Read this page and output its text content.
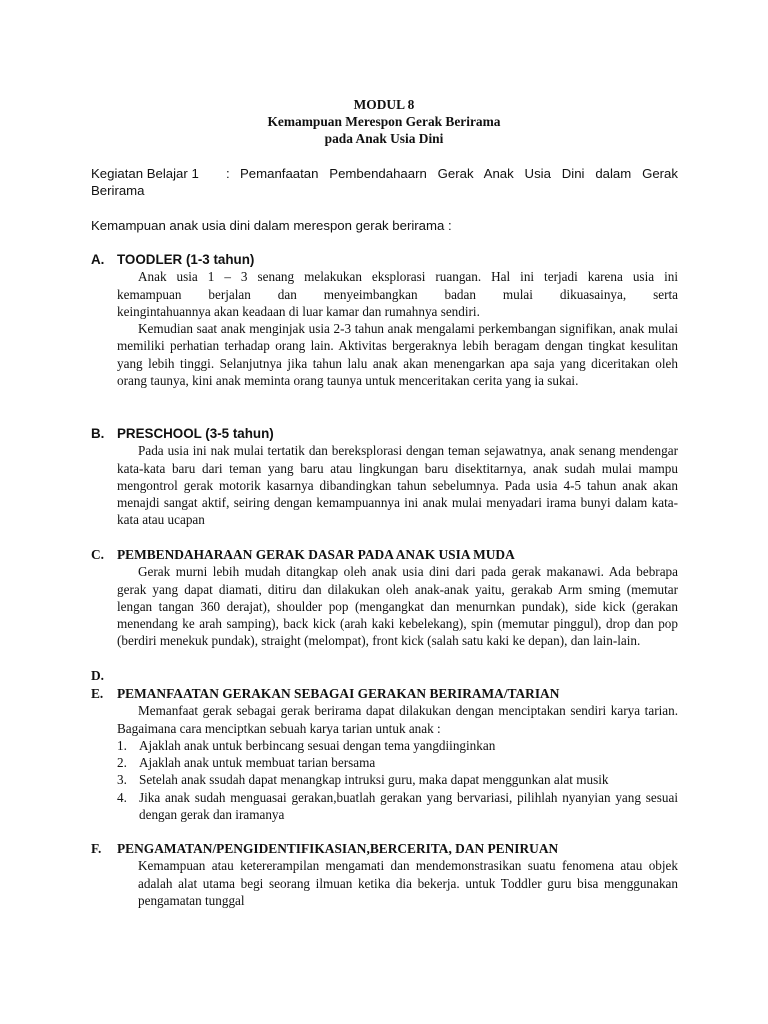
MODUL 8
Kemampuan Merespon Gerak Berirama
pada Anak Usia Dini
Kegiatan Belajar 1	: Pemanfaatan Pembendahaarn Gerak Anak Usia Dini dalam Gerak
Berirama
Kemampuan anak usia dini dalam merespon gerak berirama :
A. TOODLER (1-3 tahun)

Anak usia 1 – 3 senang melakukan eksplorasi ruangan. Hal ini terjadi karena usia ini

kemampuan berjalan dan menyeimbangkan badan mulai dikuasainya, serta

keingintahuannya akan keadaan di luar kamar dan rumahnya sendiri.

Kemudian saat anak menginjak usia 2-3 tahun anak mengalami perkembangan signifikan, anak mulai memiliki perhatian terhadap orang lain. Aktivitas bergeraknya lebih beragam dengan tingkat kesulitan yang lebih tinggi. Selanjutnya jika tahun lalu anak akan menengarkan apa saja yang diceritakan oleh orang taunya, kini anak meminta orang taunya untuk menceritakan cerita yang ia sukai.

B. PRESCHOOL (3-5 tahun)

Pada usia ini nak mulai tertatik dan bereksplorasi dengan teman sejawatnya, anak senang mendengar kata-kata baru dari teman yang baru atau lingkungan baru disektitarnya, anak sudah mulai mampu mengontrol gerak motorik kasarnya dibandingkan tahun sebelumnya. Pada usia 4-5 tahun anak akan menajdi sangat aktif, seiring dengan kemampuannya ini anak mulai menyadari irama bunyi dalam kata-kata atau ucapan

C. PEMBENDAHARAAN GERAK DASAR PADA ANAK USIA MUDA

Gerak murni lebih mudah ditangkap oleh anak usia dini dari pada gerak makanawi. Ada bebrapa gerak yang dapat diamati, ditiru dan dilakukan oleh anak-anak yaitu, gerakab Arm sming (memutar lengan tangan 360 derajat), shoulder pop (mengangkat dan menurnkan pundak), side kick (gerakan menendang ke arah samping), back kick (arah kaki kebelekang), spin (memutar pinggul), drop dan pop (berdiri menekuk pundak), straight (melompat), front kick (salah satu kaki ke depan), dan lain-lain.

D.
E.	PEMANFAATAN GERAKAN SEBAGAI GERAKAN BERIRAMA/TARIAN

Memanfaat gerak sebagai gerak berirama dapat dilakukan dengan menciptakan sendiri karya tarian. Bagaimana cara menciptkan sebuah karya tarian untuk anak :

1. Ajaklah anak untuk berbincang sesuai dengan tema yangdiinginkan
2. Ajaklah anak untuk membuat tarian bersama
3. Setelah anak ssudah dapat menangkap intruksi guru, maka dapat menggunkan alat musik
4. Jika anak sudah menguasai gerakan,buatlah gerakan yang bervariasi, pilihlah nyanyian yang sesuai dengan gerak dan iramanya
F.	PENGAMATAN/PENGIDENTIFIKASIAN,BERCERITA, DAN PENIRUAN

Kemampuan atau ketererampilan mengamati dan mendemonstrasikan suatu fenomena atau objek adalah alat utama begi seorang ilmuan ketika dia bekerja. untuk Toddler guru bisa menggunakan pengamatan tunggal
